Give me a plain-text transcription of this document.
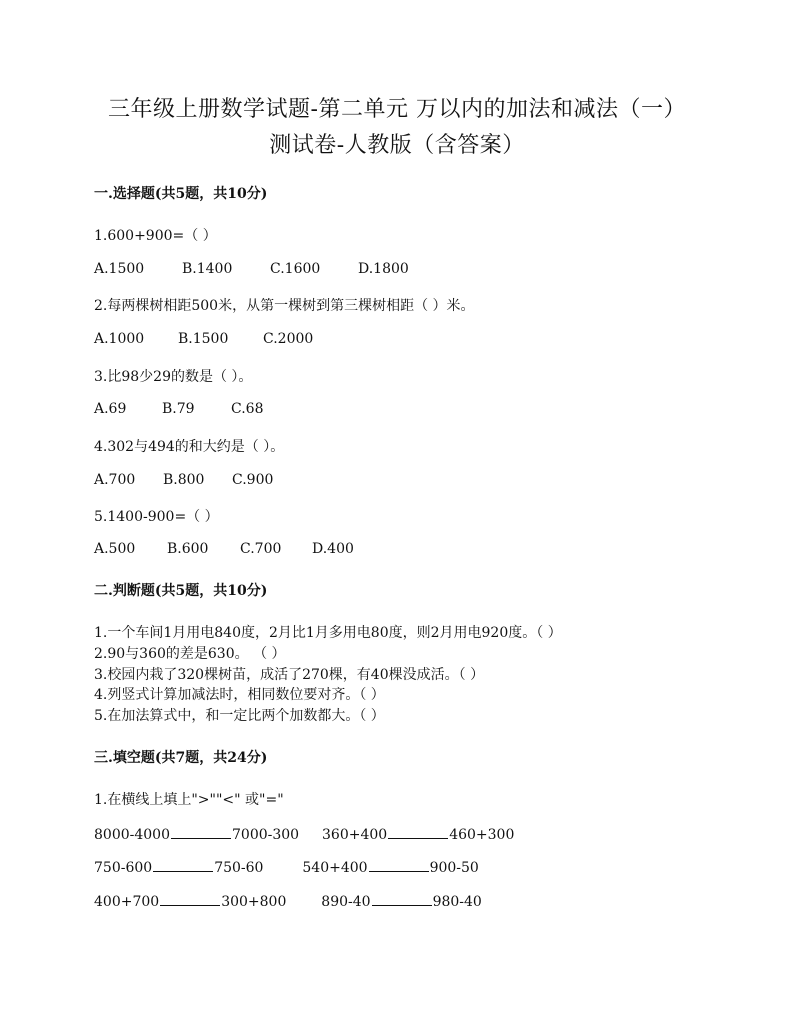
三年级上册数学试题-第二单元 万以内的加法和减法（一）
测试卷-人教版（含答案）
一.选择题(共5题，共10分)
1.600+900=（ ）
A.1500	B.1400	C.1600	D.1800
2.每两棵树相距500米，从第一棵树到第三棵树相距（ ）米。
A.1000 B.1500 C.2000
3.比98少29的数是（ ）。
A.69	B.79	C.68
4.302与494的和大约是（ ）。
A.700 B.800 C.900
5.1400-900=（ ）
A.500 B.600 C.700 D.400
二.判断题(共5题，共10分)
1.一个车间1月用电840度，2月比1月多用电80度，则2月用电920度。（ ）
2.90与360的差是630。 （ ）
3.校园内栽了320棵树苗，成活了270棵，有40棵没成活。（ ）
4.列竖式计算加减法时，相同数位要对齐。（ ）
5.在加法算式中，和一定比两个加数都大。（ ）
三.填空题(共7题，共24分)
1.在横线上填上">""<" 或"="
8000-4000	7000-300 360+400	460+300
750-600	750-60	540+400	900-50
400+700	300+800 890-40	980-40
